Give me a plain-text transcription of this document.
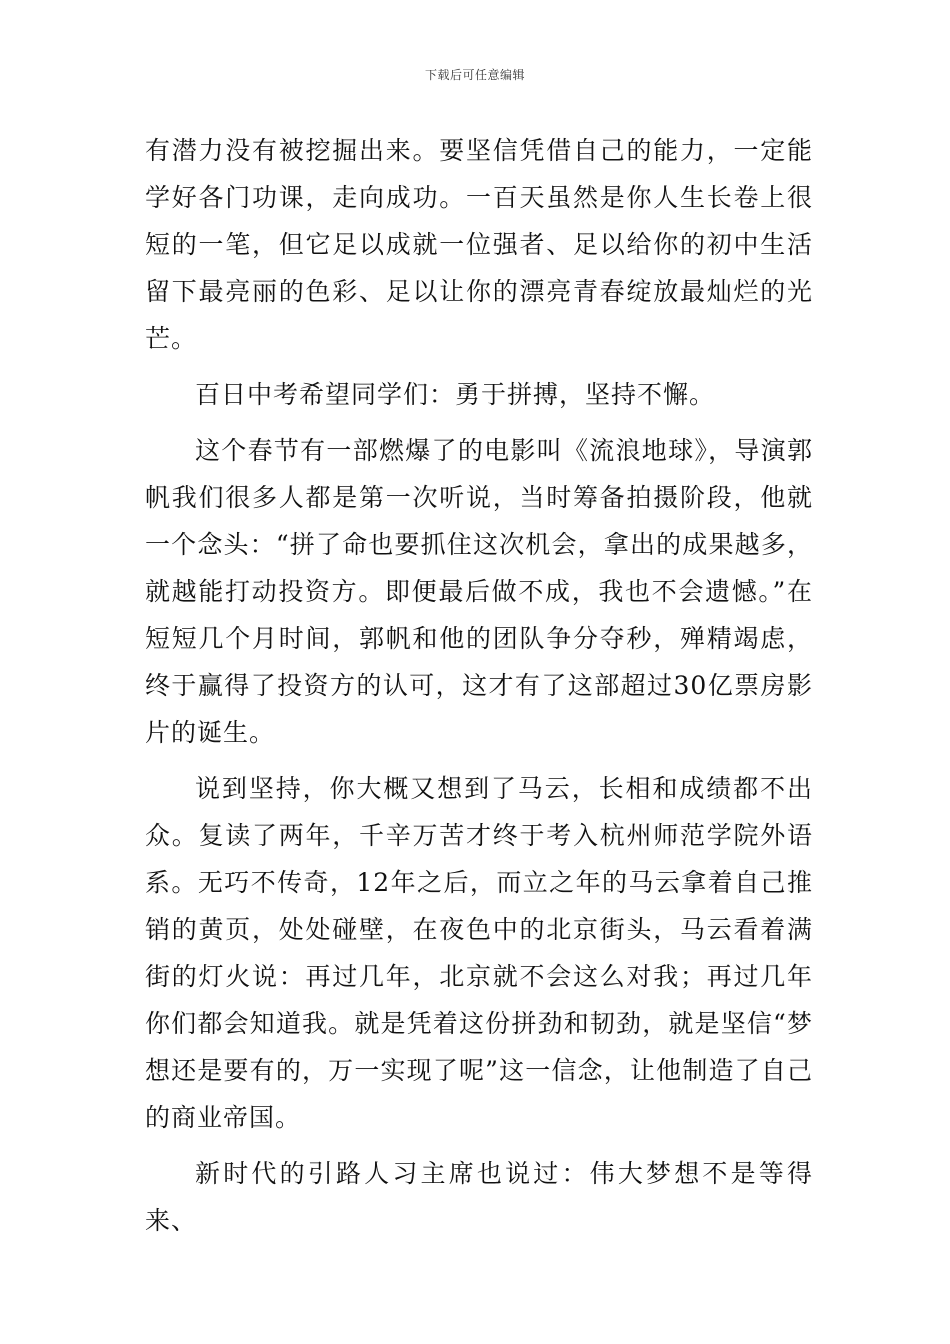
下载后可任意编辑

有潜力没有被挖掘出来。要坚信凭借自己的能力，一定能学好各门功课，走向成功。一百天虽然是你人生长卷上很短的一笔，但它足以成就一位强者、足以给你的初中生活留下最亮丽的色彩、足以让你的漂亮青春绽放最灿烂的光芒。

百日中考希望同学们：勇于拼搏，坚持不懈。

这个春节有一部燃爆了的电影叫《流浪地球》，导演郭帆我们很多人都是第一次听说，当时筹备拍摄阶段，他就一个念头：“拼了命也要抓住这次机会，拿出的成果越多，就越能打动投资方。即便最后做不成，我也不会遗憾。”在短短几个月时间，郭帆和他的团队争分夺秒，殚精竭虑，终于赢得了投资方的认可，这才有了这部超过30亿票房影片的诞生。

说到坚持，你大概又想到了马云，长相和成绩都不出众。复读了两年，千辛万苦才终于考入杭州师范学院外语系。无巧不传奇，12年之后，而立之年的马云拿着自己推销的黄页，处处碰壁，在夜色中的北京街头，马云看着满街的灯火说：再过几年，北京就不会这么对我；再过几年你们都会知道我。就是凭着这份拼劲和韧劲，就是坚信“梦想还是要有的，万一实现了呢”这一信念，让他制造了自己的商业帝国。

新时代的引路人习主席也说过：伟大梦想不是等得来、
